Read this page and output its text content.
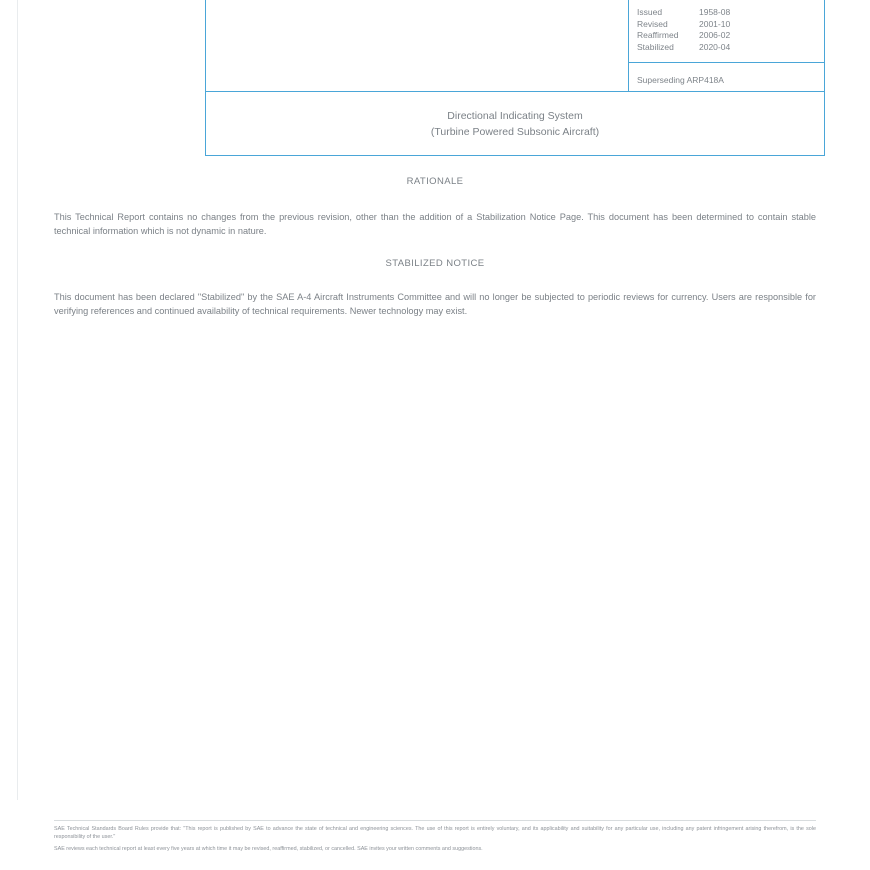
Issued	1958-08
Revised	2001-10
Reaffirmed	2006-02
Stabilized	2020-04
Superseding ARP418A
Directional Indicating System
(Turbine Powered Subsonic Aircraft)
RATIONALE
This Technical Report contains no changes from the previous revision, other than the addition of a Stabilization Notice Page. This document has been determined to contain stable technical information which is not dynamic in nature.
STABILIZED NOTICE
This document has been declared "Stabilized" by the SAE A-4 Aircraft Instruments Committee and will no longer be subjected to periodic reviews for currency. Users are responsible for verifying references and continued availability of technical requirements. Newer technology may exist.

SAE Technical Standards Board Rules provide that: "This report is published by SAE to advance the state of technical and engineering sciences. The use of this report is entirely voluntary, and its applicability and suitability for any particular use, including any patent infringement arising therefrom, is the sole responsibility of the user."

SAE reviews each technical report at least every five years at which time it may be revised, reaffirmed, stabilized, or cancelled. SAE invites your written comments and suggestions.
